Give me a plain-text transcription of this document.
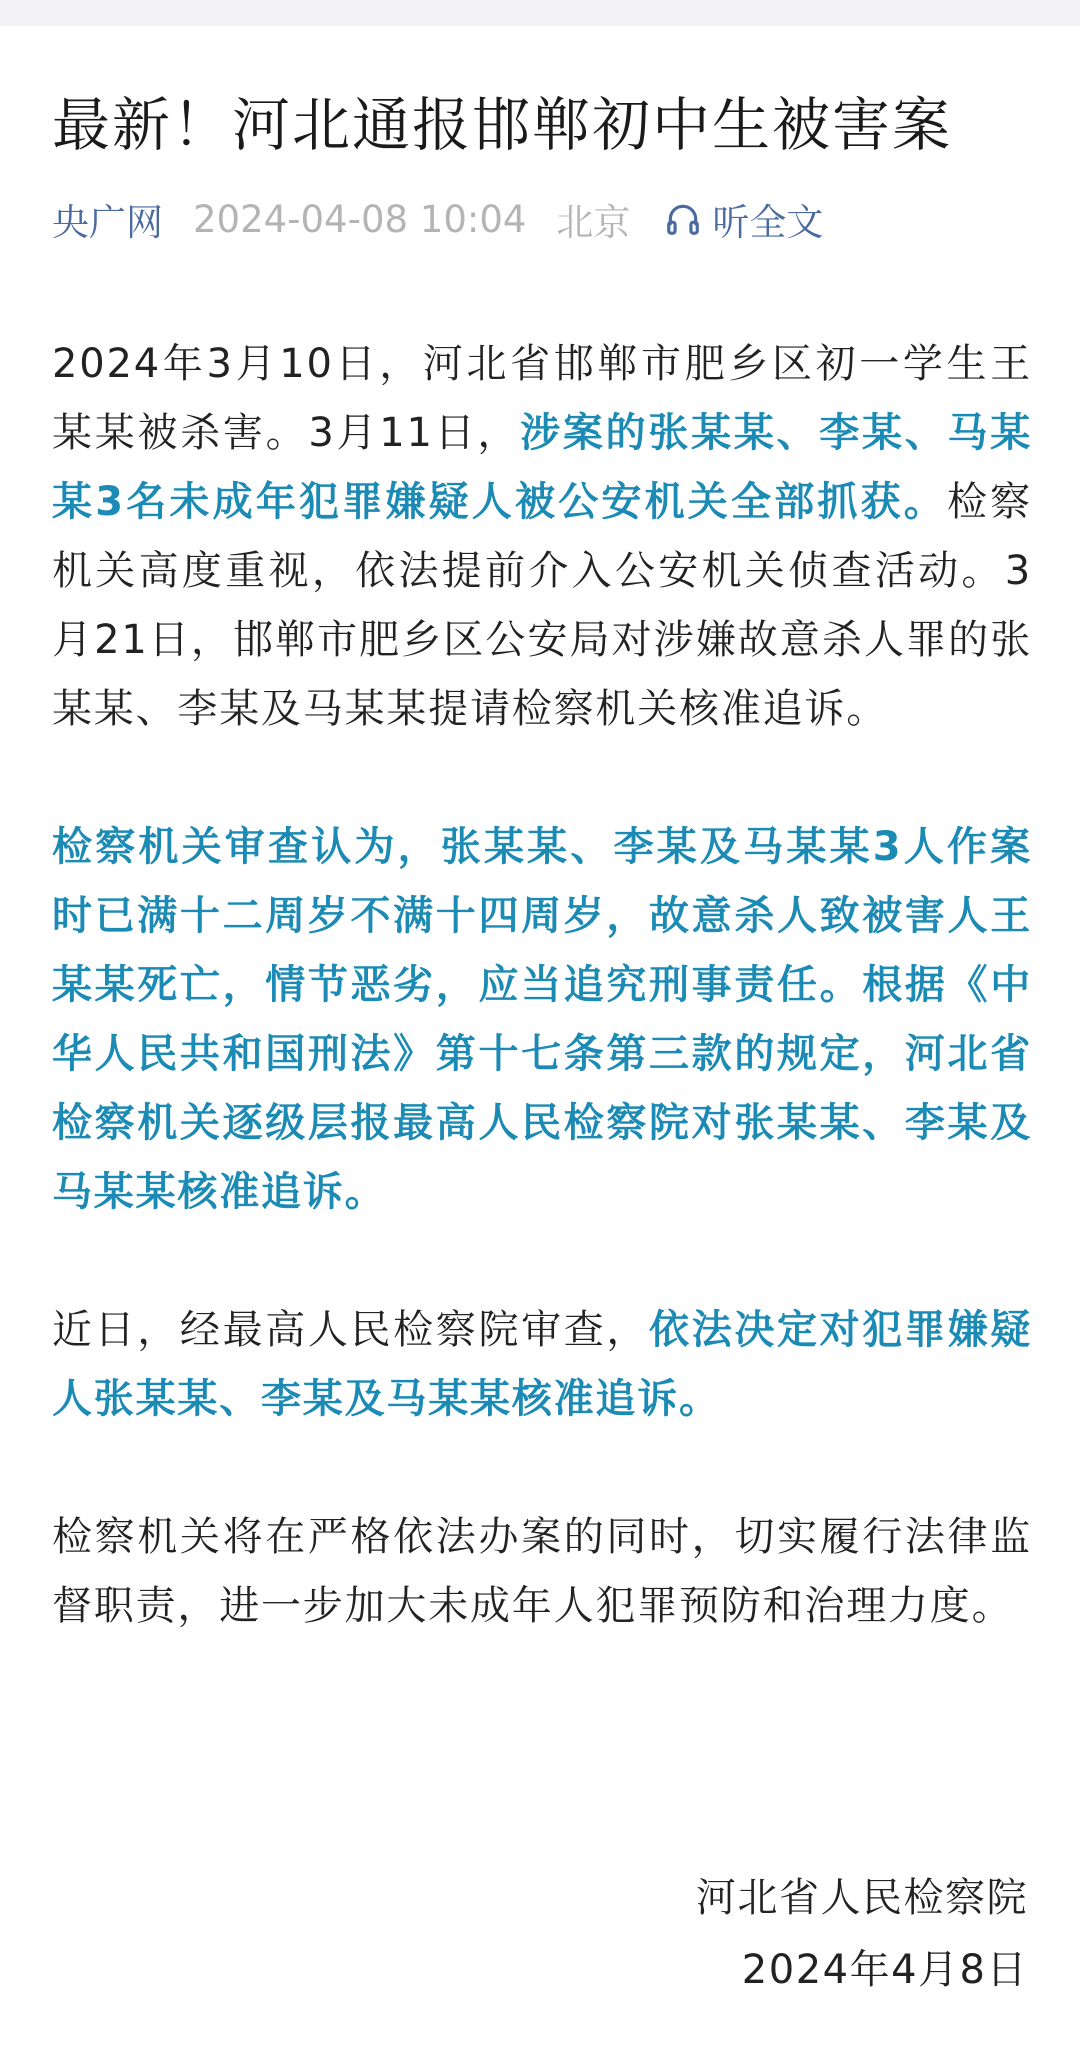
最新！河北通报邯郸初中生被害案
央广网 2024-04-08 10:04 北京 听全文

2024年3月10日，河北省邯郸市肥乡区初一学生王某某被杀害。3月11日，涉案的张某某、李某、马某某3名未成年犯罪嫌疑人被公安机关全部抓获。检察机关高度重视，依法提前介入公安机关侦查活动。3月21日，邯郸市肥乡区公安局对涉嫌故意杀人罪的张某某、李某及马某某提请检察机关核准追诉。

检察机关审查认为，张某某、李某及马某某3人作案时已满十二周岁不满十四周岁，故意杀人致被害人王某某死亡，情节恶劣，应当追究刑事责任。根据《中华人民共和国刑法》第十七条第三款的规定，河北省检察机关逐级层报最高人民检察院对张某某、李某及马某某核准追诉。

近日，经最高人民检察院审查，依法决定对犯罪嫌疑人张某某、李某及马某某核准追诉。

检察机关将在严格依法办案的同时，切实履行法律监督职责，进一步加大未成年人犯罪预防和治理力度。

河北省人民检察院
2024年4月8日
